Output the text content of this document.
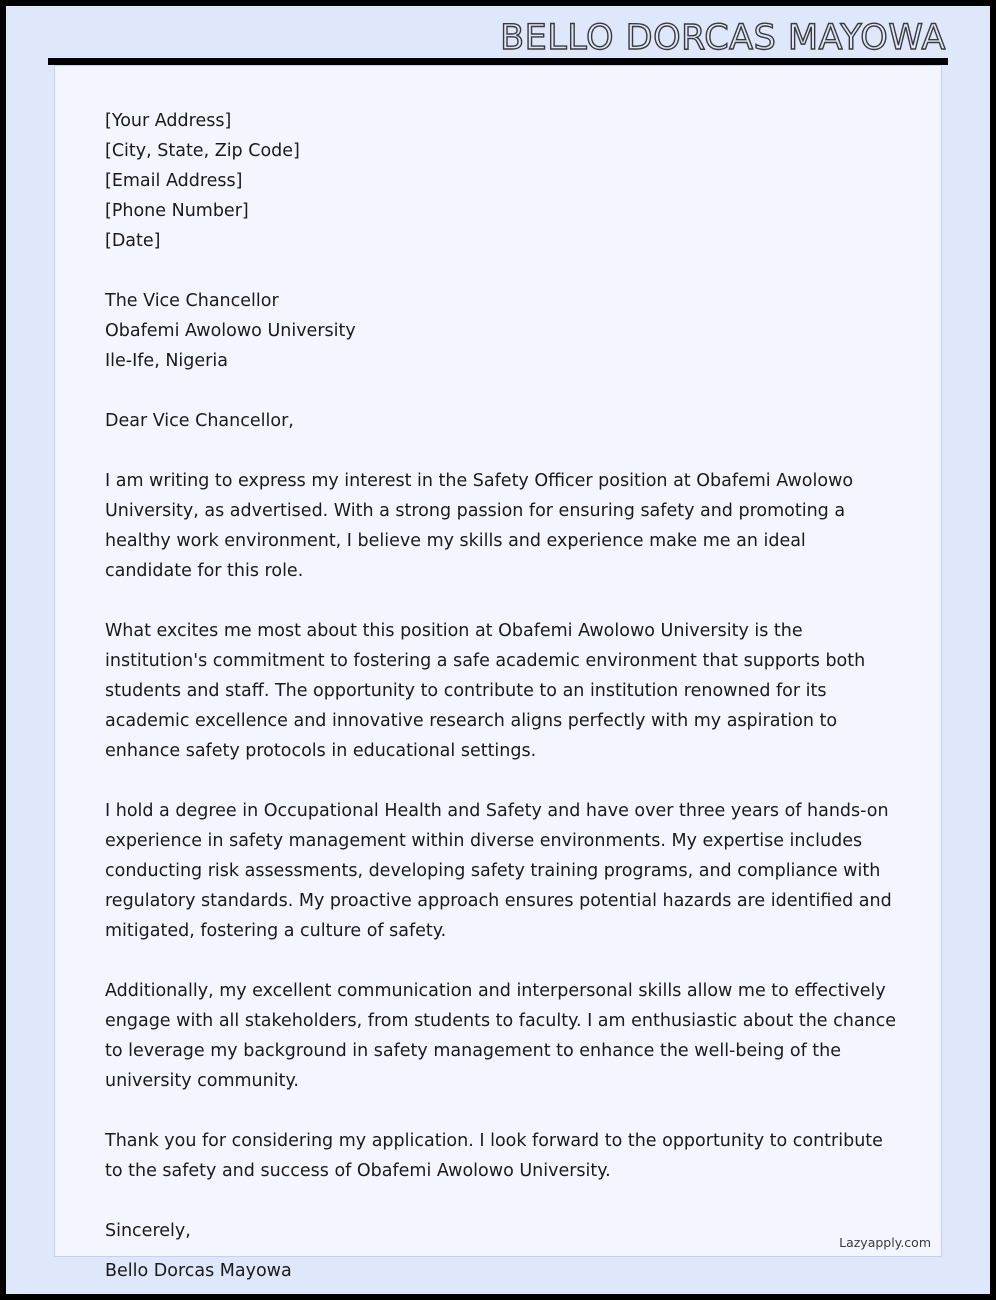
BELLO DORCAS MAYOWA
[Your Address]
[City, State, Zip Code]
[Email Address]
[Phone Number]
[Date]
The Vice Chancellor
Obafemi Awolowo University
Ile-Ife, Nigeria

Dear Vice Chancellor,

I am writing to express my interest in the Safety Officer position at Obafemi Awolowo University, as advertised. With a strong passion for ensuring safety and promoting a healthy work environment, I believe my skills and experience make me an ideal candidate for this role.

What excites me most about this position at Obafemi Awolowo University is the institution's commitment to fostering a safe academic environment that supports both students and staff. The opportunity to contribute to an institution renowned for its academic excellence and innovative research aligns perfectly with my aspiration to enhance safety protocols in educational settings.

I hold a degree in Occupational Health and Safety and have over three years of hands-on experience in safety management within diverse environments. My expertise includes conducting risk assessments, developing safety training programs, and compliance with regulatory standards. My proactive approach ensures potential hazards are identified and mitigated, fostering a culture of safety.

Additionally, my excellent communication and interpersonal skills allow me to effectively engage with all stakeholders, from students to faculty. I am enthusiastic about the chance to leverage my background in safety management to enhance the well-being of the university community.

Thank you for considering my application. I look forward to the opportunity to contribute to the safety and success of Obafemi Awolowo University.

Sincerely,

Lazyapply.com
Bello Dorcas Mayowa
